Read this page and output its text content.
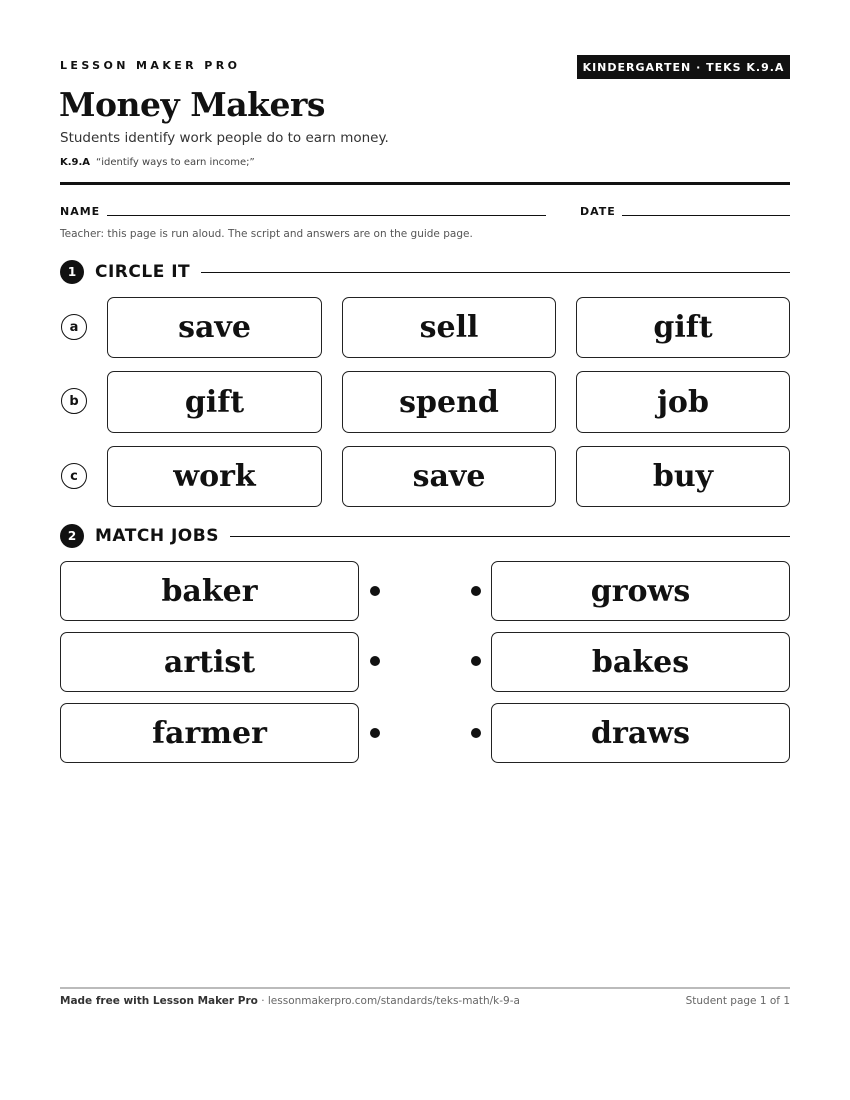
LESSON MAKER PRO	KINDERGARTEN · TEKS K.9.A
Money Makers
Students identify work people do to earn money.
K.9.A “identify ways to earn income;”
NAME	DATE
Teacher: this page is run aloud. The script and answers are on the guide page.
1	CIRCLE IT
a	save	sell	gift
b	gift	spend	job
c	work	save	buy
2	MATCH JOBS
baker	grows
artist	bakes
farmer	draws
Made free with Lesson Maker Pro · lessonmakerpro.com/standards/teks-math/k-9-a	Student page 1 of 1
